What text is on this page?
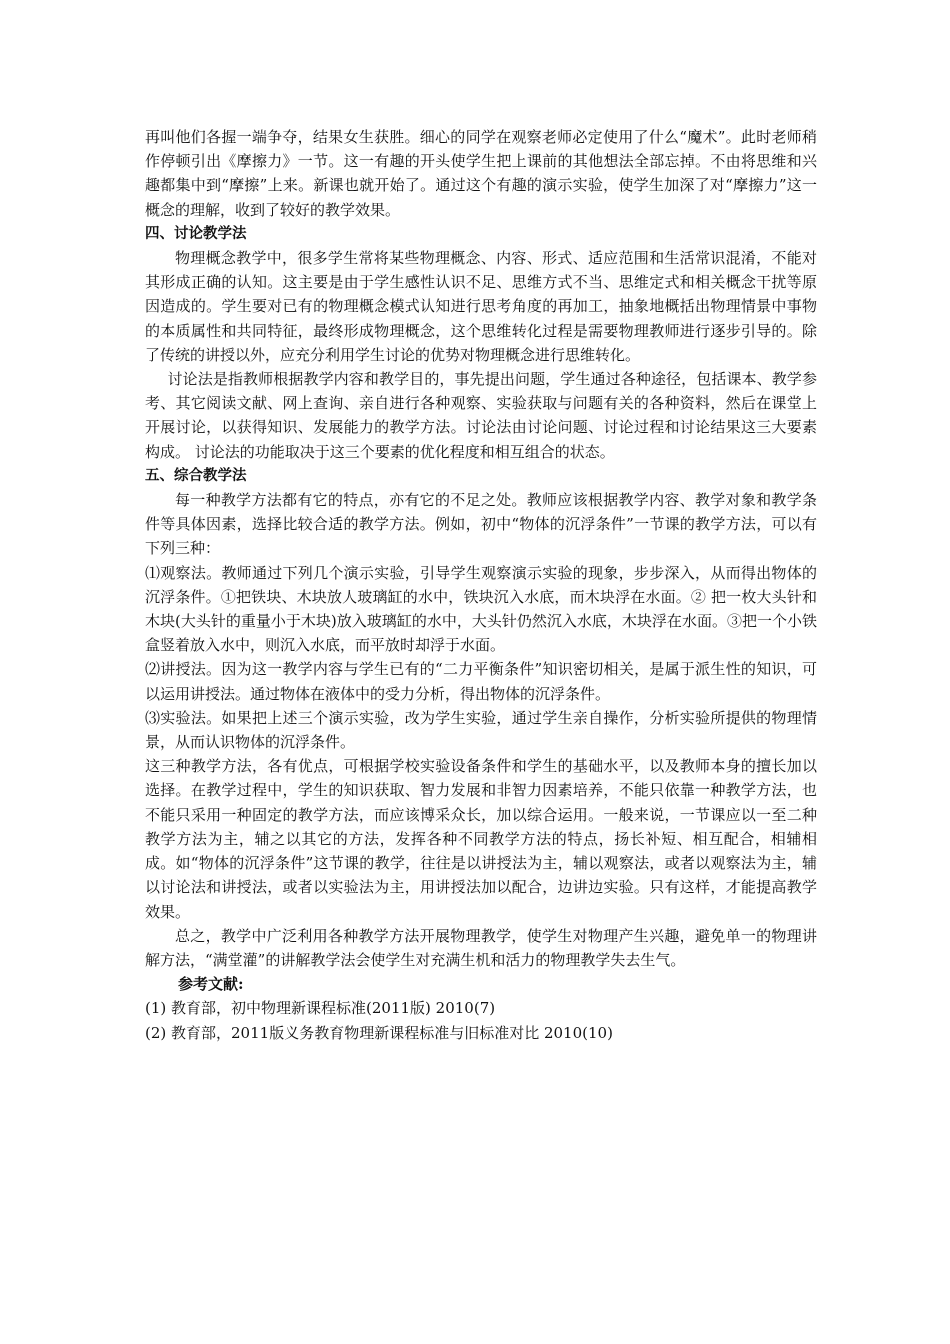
再叫他们各握一端争夺，结果女生获胜。细心的同学在观察老师必定使用了什么“魔术”。此时老师稍作停顿引出《摩擦力》一节。这一有趣的开头使学生把上课前的其他想法全部忘掉。不由将思维和兴趣都集中到“摩擦”上来。新课也就开始了。通过这个有趣的演示实验，使学生加深了对“摩擦力”这一概念的理解，收到了较好的教学效果。

四、讨论教学法

物理概念教学中，很多学生常将某些物理概念、内容、形式、适应范围和生活常识混淆，不能对其形成正确的认知。这主要是由于学生感性认识不足、思维方式不当、思维定式和相关概念干扰等原因造成的。学生要对已有的物理概念模式认知进行思考角度的再加工，抽象地概括出物理情景中事物的本质属性和共同特征，最终形成物理概念，这个思维转化过程是需要物理教师进行逐步引导的。除了传统的讲授以外，应充分利用学生讨论的优势对物理概念进行思维转化。

讨论法是指教师根据教学内容和教学目的，事先提出问题，学生通过各种途径，包括课本、教学参考、其它阅读文献、网上查询、亲自进行各种观察、实验获取与问题有关的各种资料，然后在课堂上开展讨论，以获得知识、发展能力的教学方法。讨论法由讨论问题、讨论过程和讨论结果这三大要素构成。 讨论法的功能取决于这三个要素的优化程度和相互组合的状态。

五、综合教学法

每一种教学方法都有它的特点，亦有它的不足之处。教师应该根据教学内容、教学对象和教学条件等具体因素，选择比较合适的教学方法。例如，初中“物体的沉浮条件”一节课的教学方法，可以有下列三种：

⑴观察法。教师通过下列几个演示实验，引导学生观察演示实验的现象，步步深入，从而得出物体的沉浮条件。①把铁块、木块放人玻璃缸的水中，铁块沉入水底，而木块浮在水面。② 把一枚大头针和木块(大头针的重量小于木块)放入玻璃缸的水中，大头针仍然沉入水底，木块浮在水面。③把一个小铁盒竖着放入水中，则沉入水底，而平放时却浮于水面。

⑵讲授法。因为这一教学内容与学生已有的“二力平衡条件”知识密切相关，是属于派生性的知识，可以运用讲授法。通过物体在液体中的受力分析，得出物体的沉浮条件。

⑶实验法。如果把上述三个演示实验，改为学生实验，通过学生亲自操作，分析实验所提供的物理情景，从而认识物体的沉浮条件。

这三种教学方法，各有优点，可根据学校实验设备条件和学生的基础水平，以及教师本身的擅长加以选择。在教学过程中，学生的知识获取、智力发展和非智力因素培养，不能只依靠一种教学方法，也不能只采用一种固定的教学方法，而应该博采众长，加以综合运用。一般来说，一节课应以一至二种教学方法为主，辅之以其它的方法，发挥各种不同教学方法的特点，扬长补短、相互配合，相辅相成。如“物体的沉浮条件”这节课的教学，往往是以讲授法为主，辅以观察法，或者以观察法为主，辅以讨论法和讲授法，或者以实验法为主，用讲授法加以配合，边讲边实验。只有这样，才能提高教学效果。

总之，教学中广泛利用各种教学方法开展物理教学，使学生对物理产生兴趣，避免单一的物理讲解方法，“满堂灌”的讲解教学法会使学生对充满生机和活力的物理教学失去生气。

参考文献:

(1) 教育部，初中物理新课程标准(2011版) 2010(7)

(2) 教育部，2011版义务教育物理新课程标准与旧标准对比 2010(10)
